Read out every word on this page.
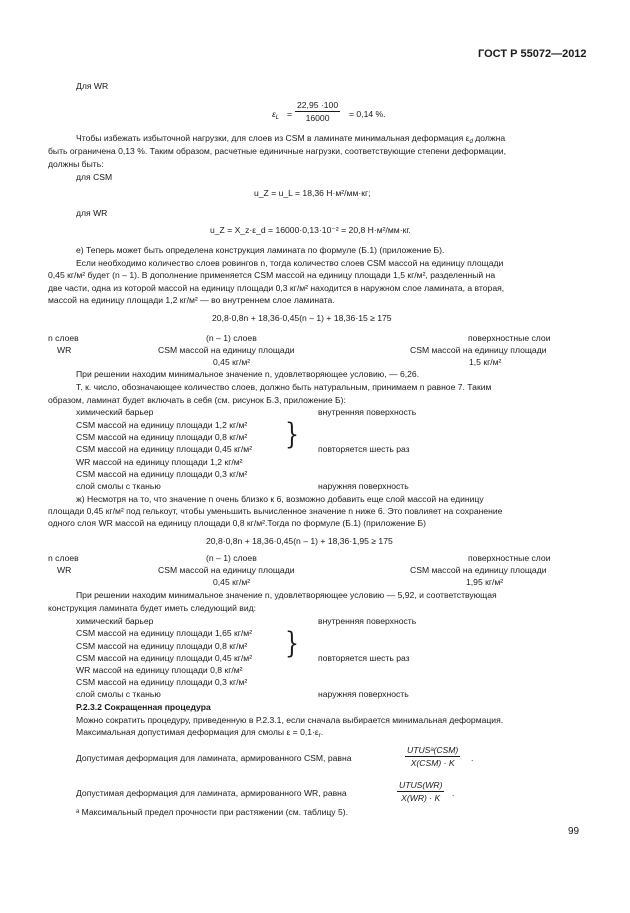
ГОСТ Р 55072—2012
99
Для WR
$\varepsilon_L = \frac{22,95 \cdot 100}{16000} = 0,14$ %.
Чтобы избежать избыточной нагрузки, для слоев из CSM в ламинате минимальная деформация $\varepsilon_d$ должна
быть ограничена 0,13 %. Таким образом, расчетные единичные нагрузки, соответствующие степени деформации,
должны быть:
для CSM
u_Z = u_L = 18,36 Н·м²/мм·кг;
для WR
u_Z = X_z·ε_d = 16000·0,13·10⁻² = 20,8 Н·м²/мм·кг.
е) Теперь может быть определена конструкция ламината по формуле (Б.1) (приложение Б).
Если необходимо количество слоев ровингов n, тогда количество слоев CSM массой на единицу площади
0,45 кг/м² будет (n – 1). В дополнение применяется CSM массой на единицу площади 1,5 кг/м², разделенный на
две части, одна из которой массой на единицу площади 0,3 кг/м² находится в наружном слое ламината, а вторая,
массой на единицу площади 1,2 кг/м² — во внутреннем слое ламината.
20,8·0,8n + 18,36·0,45(n – 1) + 18,36·15 ≥ 175
n слоев
WR
(n – 1) слоев
CSM массой на единицу площади
0,45 кг/м²
поверхностные слои
CSM массой на единицу площади
1,5 кг/м²
При решении находим минимальное значение n, удовлетворяющее условию, — 6,26.
Т. к. число, обозначающее количество слоев, должно быть натуральным, принимаем n равное 7. Таким
образом, ламинат будет включать в себя (см. рисунок Б.3, приложение Б):
химический барьер
CSM массой на единицу площади 1,2 кг/м²
CSM массой на единицу площади 0,8 кг/м²
CSM массой на единицу площади 0,45 кг/м²
WR массой на единицу площади 1,2 кг/м²
CSM массой на единицу площади 0,3 кг/м²
слой смолы с тканью
внутренняя поверхность
} повторяется шесть раз
наружняя поверхность
ж) Несмотря на то, что значение n очень близко к 6, возможно добавить еще слой массой на единицу
площади 0,45 кг/м² под гелькоут, чтобы уменьшить вычисленное значение n ниже 6. Это повлияет на сохранение
одного слоя WR массой на единицу площади 0,8 кг/м².Тогда по формуле (Б.1) (приложение Б)
20,8·0,8n + 18,36·0,45(n – 1) + 18,36·1,95 ≥ 175
n слоев
WR
(n – 1) слоев
CSM массой на единицу площади
0,45 кг/м²
поверхностные слои
CSM массой на единицу площади
1,95 кг/м²
При решении находим минимальное значение n, удовлетворяющее условию — 5,92, и соответствующая
конструкция ламината будет иметь следующий вид:
химический барьер
CSM массой на единицу площади 1,65 кг/м²
CSM массой на единицу площади 0,8 кг/м²
CSM массой на единицу площади 0,45 кг/м²
WR массой на единицу площади 0,8 кг/м²
CSM массой на единицу площади 0,3 кг/м²
слой смолы с тканью
внутренняя поверхность
} повторяется шесть раз
наружняя поверхность
Р.2.3.2 Сокращенная процедура
Можно сократить процедуру, приведенную в Р.2.3.1, если сначала выбирается минимальная деформация.
Максимальная допустимая деформация для смолы $\varepsilon = 0,1\cdot\varepsilon_r$.
Допустимая деформация для ламината, армированного CSM, равна
UTUSᵃ(CSM)
X(CSM) · K	.
Допустимая деформация для ламината, армированного WR, равна
UTUS(WR)
X(WR) · K	.
ᵃ Максимальный предел прочности при растяжении (см. таблицу 5).
